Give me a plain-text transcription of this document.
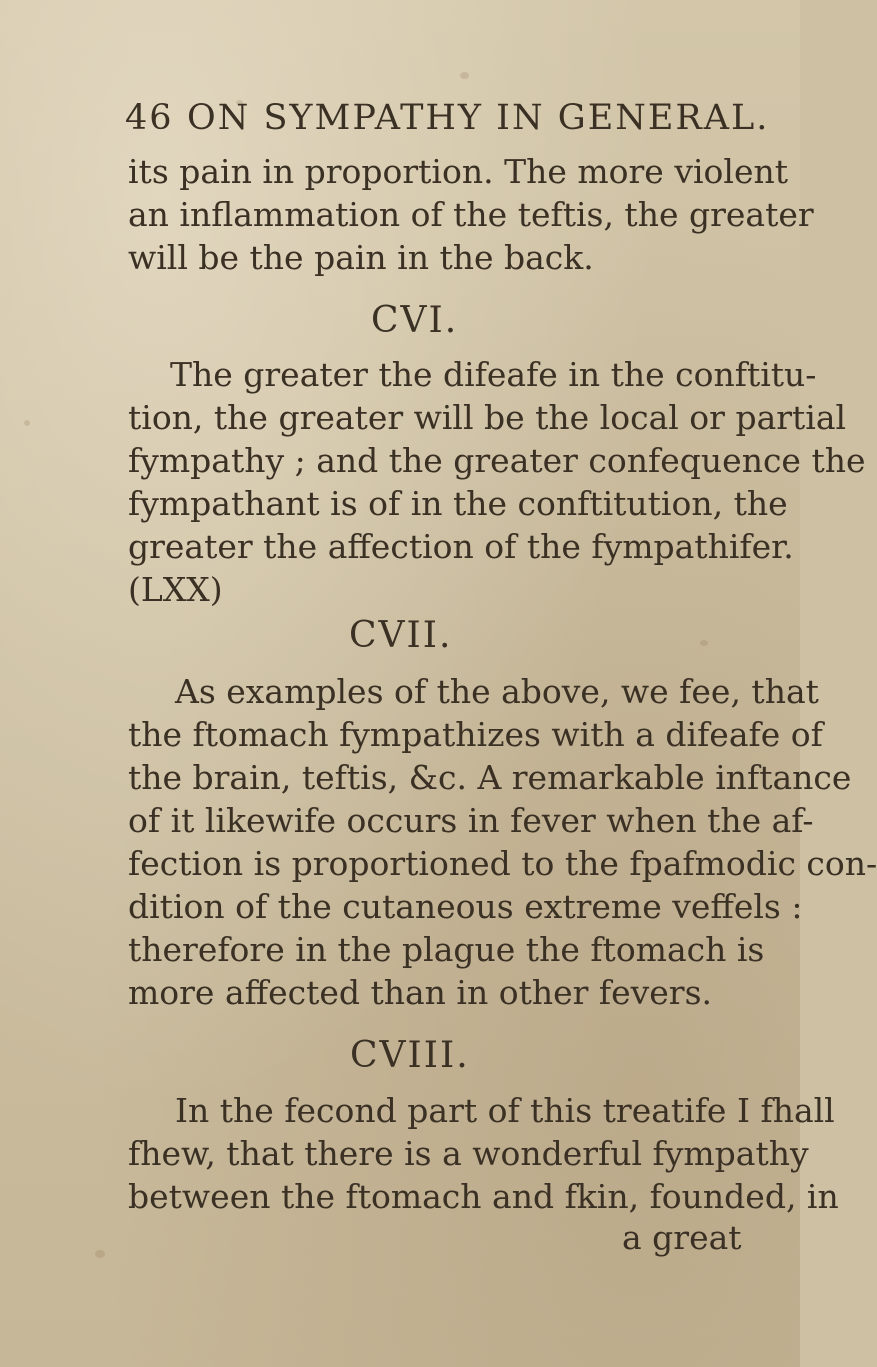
46 ON SYMPATHY IN GENERAL.
its pain in proportion. The more violent
an inflammation of the teftis, the greater
will be the pain in the back.
CVI.
The greater the difeafe in the conftitu-
tion, the greater will be the local or partial
fympathy ; and the greater confequence the
fympathant is of in the conftitution, the
greater the affection of the fympathifer.
(LXX)
CVII.
As examples of the above, we fee, that
the ftomach fympathizes with a difeafe of
the brain, teftis, &c. A remarkable inftance
of it likewife occurs in fever when the af-
fection is proportioned to the fpafmodic con-
dition of the cutaneous extreme veffels :
therefore in the plague the ftomach is
more affected than in other fevers.
CVIII.
In the fecond part of this treatife I fhall
fhew, that there is a wonderful fympathy
between the ftomach and fkin, founded, in
a great
